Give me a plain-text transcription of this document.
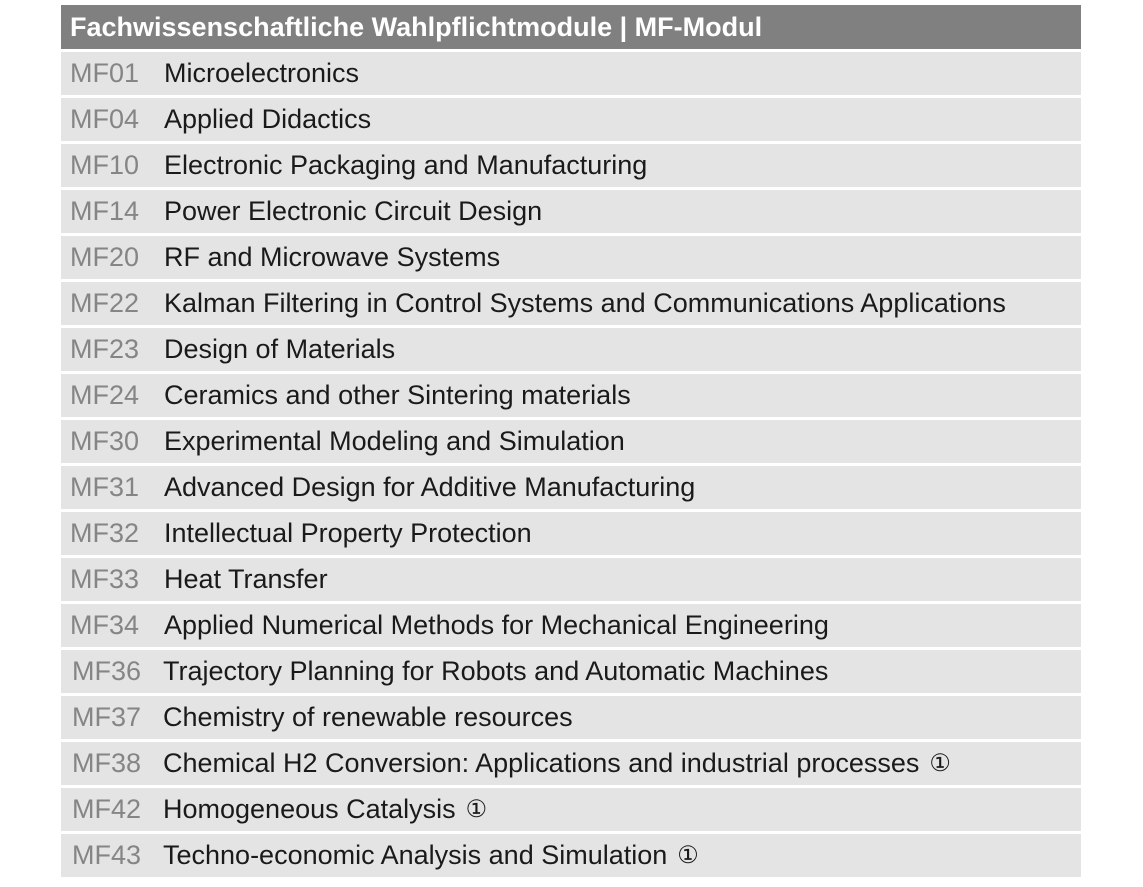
Fachwissenschaftliche Wahlpflichtmodule | MF-Modul
MF01 Microelectronics
MF04 Applied Didactics
MF10 Electronic Packaging and Manufacturing
MF14 Power Electronic Circuit Design
MF20 RF and Microwave Systems
MF22 Kalman Filtering in Control Systems and Communications Applications
MF23 Design of Materials
MF24 Ceramics and other Sintering materials
MF30 Experimental Modeling and Simulation
MF31 Advanced Design for Additive Manufacturing
MF32 Intellectual Property Protection
MF33 Heat Transfer
MF34 Applied Numerical Methods for Mechanical Engineering
MF36 Trajectory Planning for Robots and Automatic Machines
MF37 Chemistry of renewable resources
MF38 Chemical H2 Conversion: Applications and industrial processes ①
MF42 Homogeneous Catalysis ①
MF43 Techno-economic Analysis and Simulation ①
